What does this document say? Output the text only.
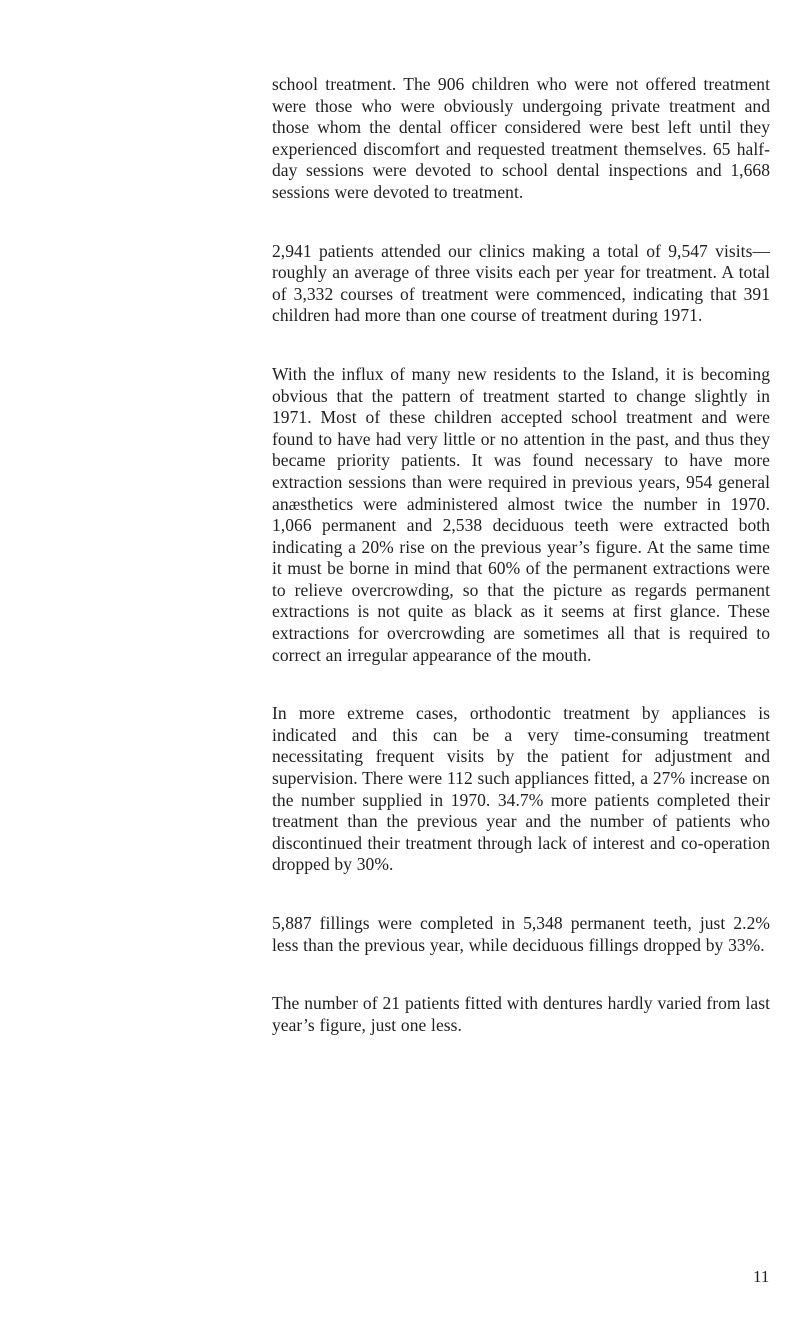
school treatment. The 906 children who were not offered treatment were those who were obviously undergoing private treatment and those whom the dental officer considered were best left until they experienced discomfort and requested treatment themselves. 65 half-day sessions were devoted to school dental inspections and 1,668 sessions were devoted to treatment.

2,941 patients attended our clinics making a total of 9,547 visits—roughly an average of three visits each per year for treatment. A total of 3,332 courses of treatment were commenced, indicating that 391 children had more than one course of treatment during 1971.

With the influx of many new residents to the Island, it is becoming obvious that the pattern of treatment started to change slightly in 1971. Most of these children accepted school treatment and were found to have had very little or no attention in the past, and thus they became priority patients. It was found necessary to have more extraction sessions than were required in previous years, 954 general anæsthetics were administered almost twice the number in 1970. 1,066 permanent and 2,538 deciduous teeth were extracted both indicating a 20% rise on the previous year’s figure. At the same time it must be borne in mind that 60% of the permanent extractions were to relieve overcrowding, so that the picture as regards permanent extractions is not quite as black as it seems at first glance. These extractions for overcrowding are sometimes all that is required to correct an irregular appearance of the mouth.

In more extreme cases, orthodontic treatment by appliances is indicated and this can be a very time-consuming treatment necessitating frequent visits by the patient for adjustment and supervision. There were 112 such appliances fitted, a 27% increase on the number supplied in 1970. 34.7% more patients completed their treatment than the previous year and the number of patients who discontinued their treatment through lack of interest and co-operation dropped by 30%.

5,887 fillings were completed in 5,348 permanent teeth, just 2.2% less than the previous year, while deciduous fillings dropped by 33%.

The number of 21 patients fitted with dentures hardly varied from last year’s figure, just one less.

11
